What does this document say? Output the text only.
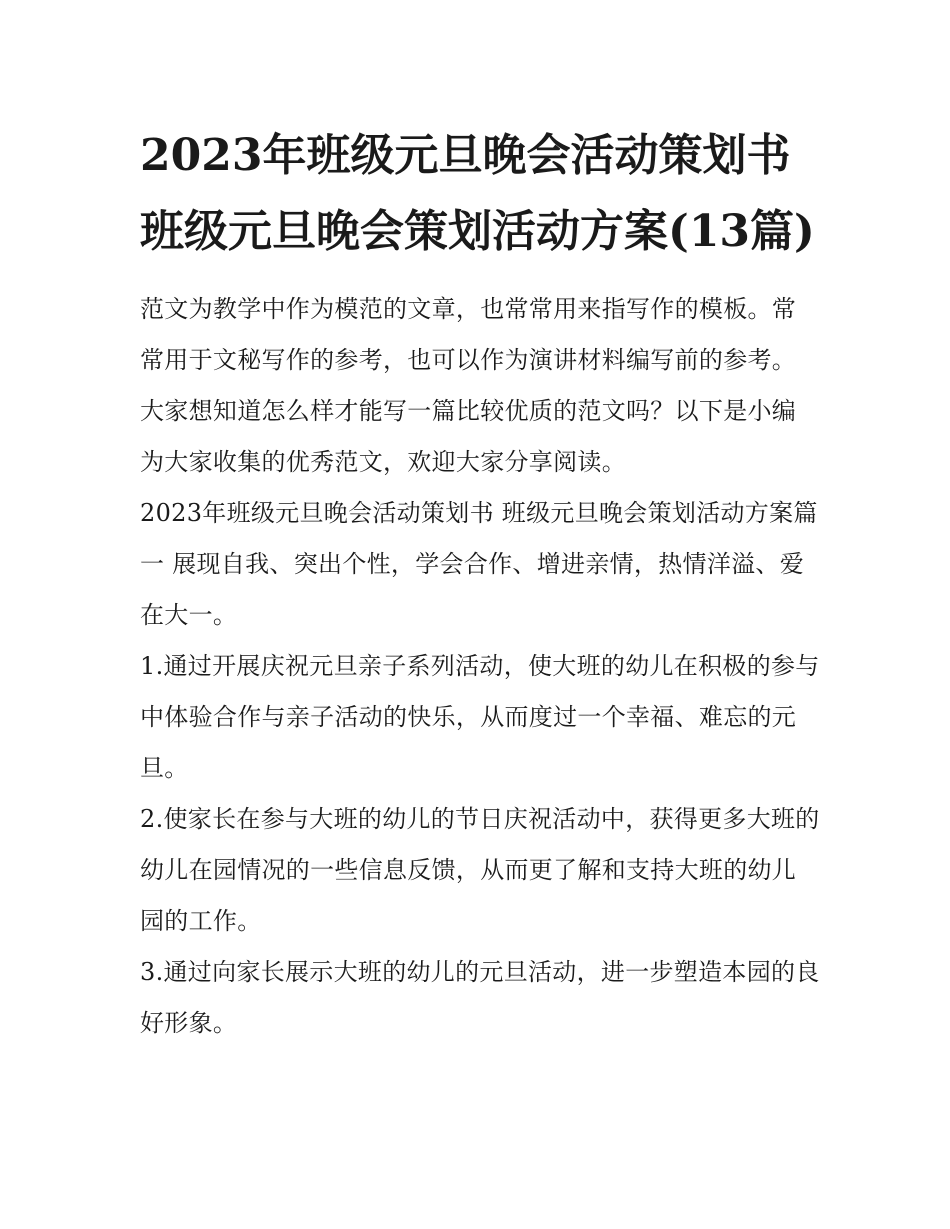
2023年班级元旦晚会活动策划书 班级元旦晚会策划活动方案(13篇)

范文为教学中作为模范的文章，也常常用来指写作的模板。常常用于文秘写作的参考，也可以作为演讲材料编写前的参考。大家想知道怎么样才能写一篇比较优质的范文吗？以下是小编为大家收集的优秀范文，欢迎大家分享阅读。

2023年班级元旦晚会活动策划书 班级元旦晚会策划活动方案篇一 展现自我、突出个性，学会合作、增进亲情，热情洋溢、爱在大一。

1.通过开展庆祝元旦亲子系列活动，使大班的幼儿在积极的参与中体验合作与亲子活动的快乐，从而度过一个幸福、难忘的元旦。

2.使家长在参与大班的幼儿的节日庆祝活动中，获得更多大班的幼儿在园情况的一些信息反馈，从而更了解和支持大班的幼儿园的工作。

3.通过向家长展示大班的幼儿的元旦活动，进一步塑造本园的良好形象。
